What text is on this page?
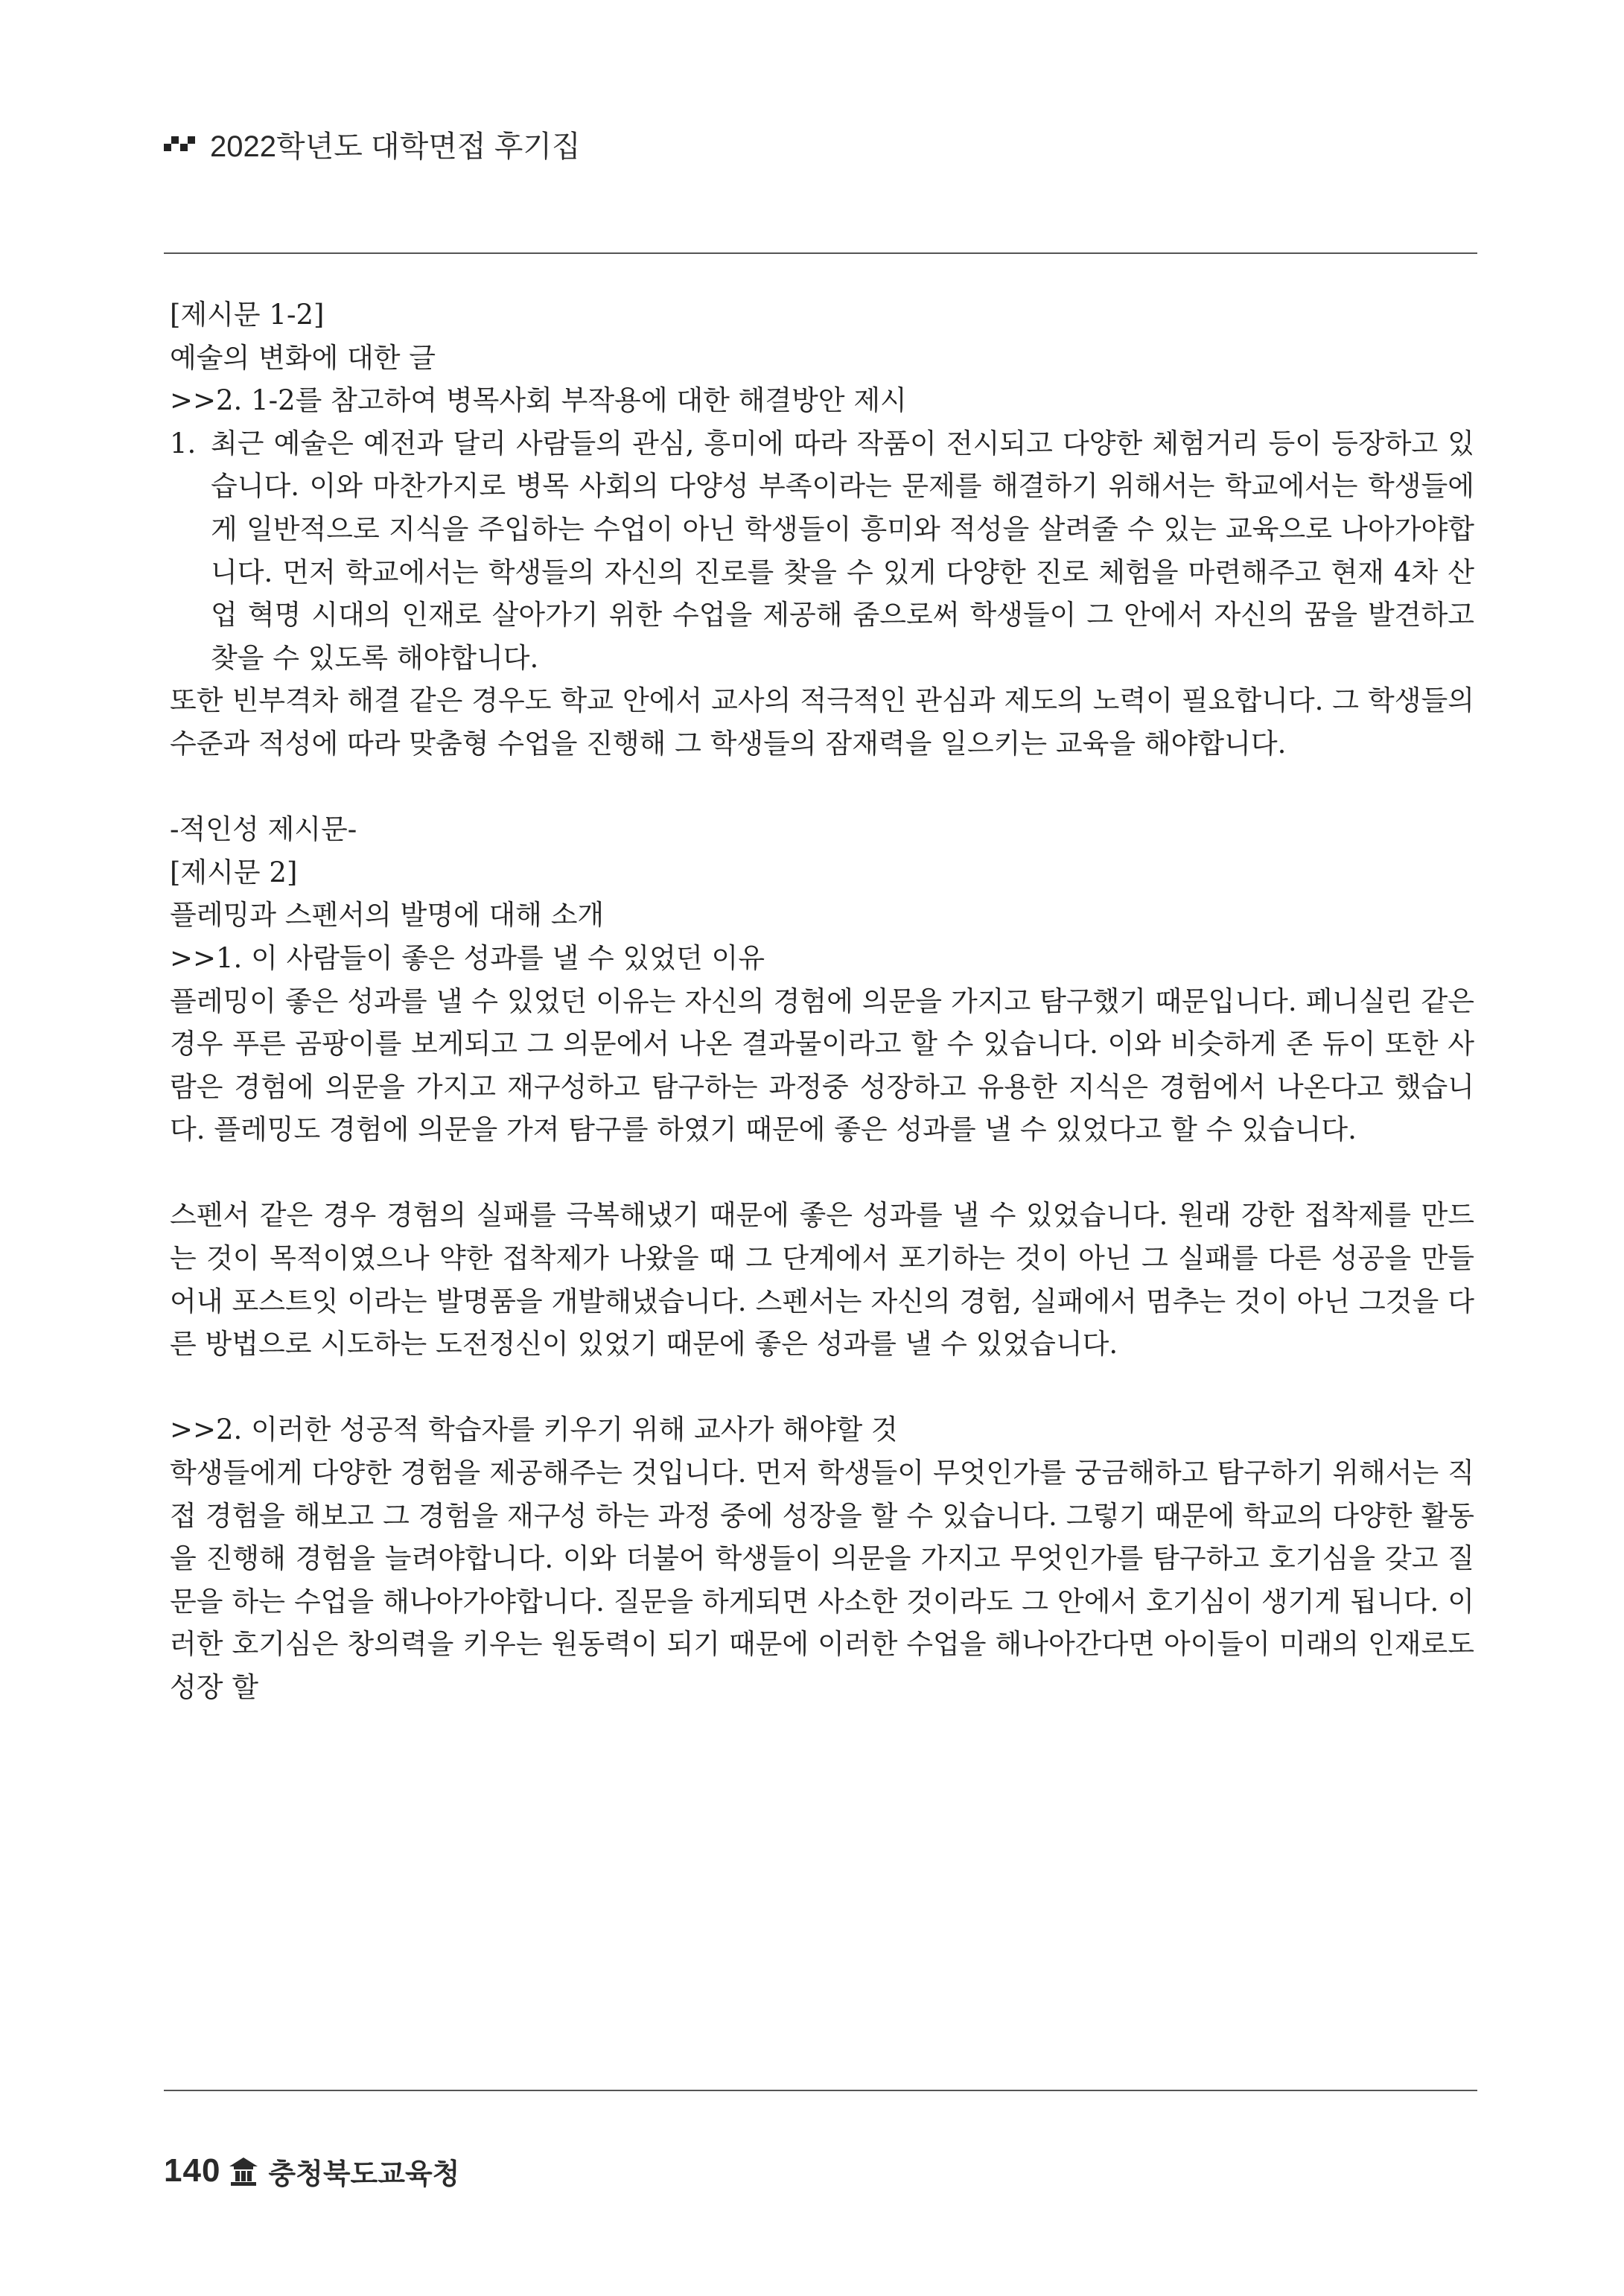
2022학년도 대학면접 후기집

[제시문 1-2]

예술의 변화에 대한 글

>>2. 1-2를 참고하여 병목사회 부작용에 대한 해결방안 제시

1. 최근 예술은 예전과 달리 사람들의 관심, 흥미에 따라 작품이 전시되고 다양한 체험거리 등이 등장하고 있습니다. 이와 마찬가지로 병목 사회의 다양성 부족이라는 문제를 해결하기 위해서는 학교에서는 학생들에게 일반적으로 지식을 주입하는 수업이 아닌 학생들이 흥미와 적성을 살려줄 수 있는 교육으로 나아가야합니다. 먼저 학교에서는 학생들의 자신의 진로를 찾을 수 있게 다양한 진로 체험을 마련해주고 현재 4차 산업 혁명 시대의 인재로 살아가기 위한 수업을 제공해 줌으로써 학생들이 그 안에서 자신의 꿈을 발견하고 찾을 수 있도록 해야합니다.

또한 빈부격차 해결 같은 경우도 학교 안에서 교사의 적극적인 관심과 제도의 노력이 필요합니다. 그 학생들의 수준과 적성에 따라 맞춤형 수업을 진행해 그 학생들의 잠재력을 일으키는 교육을 해야합니다.

-적인성 제시문-

[제시문 2]

플레밍과 스펜서의 발명에 대해 소개

>>1. 이 사람들이 좋은 성과를 낼 수 있었던 이유

플레밍이 좋은 성과를 낼 수 있었던 이유는 자신의 경험에 의문을 가지고 탐구했기 때문입니다. 페니실린 같은 경우 푸른 곰팡이를 보게되고 그 의문에서 나온 결과물이라고 할 수 있습니다. 이와 비슷하게 존 듀이 또한 사람은 경험에 의문을 가지고 재구성하고 탐구하는 과정중 성장하고 유용한 지식은 경험에서 나온다고 했습니다. 플레밍도 경험에 의문을 가져 탐구를 하였기 때문에 좋은 성과를 낼 수 있었다고 할 수 있습니다.

스펜서 같은 경우 경험의 실패를 극복해냈기 때문에 좋은 성과를 낼 수 있었습니다. 원래 강한 접착제를 만드는 것이 목적이였으나 약한 접착제가 나왔을 때 그 단계에서 포기하는 것이 아닌 그 실패를 다른 성공을 만들어내 포스트잇 이라는 발명품을 개발해냈습니다. 스펜서는 자신의 경험, 실패에서 멈추는 것이 아닌 그것을 다른 방법으로 시도하는 도전정신이 있었기 때문에 좋은 성과를 낼 수 있었습니다.

>>2. 이러한 성공적 학습자를 키우기 위해 교사가 해야할 것

학생들에게 다양한 경험을 제공해주는 것입니다. 먼저 학생들이 무엇인가를 궁금해하고 탐구하기 위해서는 직접 경험을 해보고 그 경험을 재구성 하는 과정 중에 성장을 할 수 있습니다. 그렇기 때문에 학교의 다양한 활동을 진행해 경험을 늘려야합니다. 이와 더불어 학생들이 의문을 가지고 무엇인가를 탐구하고 호기심을 갖고 질문을 하는 수업을 해나아가야합니다. 질문을 하게되면 사소한 것이라도 그 안에서 호기심이 생기게 됩니다. 이러한 호기심은 창의력을 키우는 원동력이 되기 때문에 이러한 수업을 해나아간다면 아이들이 미래의 인재로도 성장 할

140 충청북도교육청
